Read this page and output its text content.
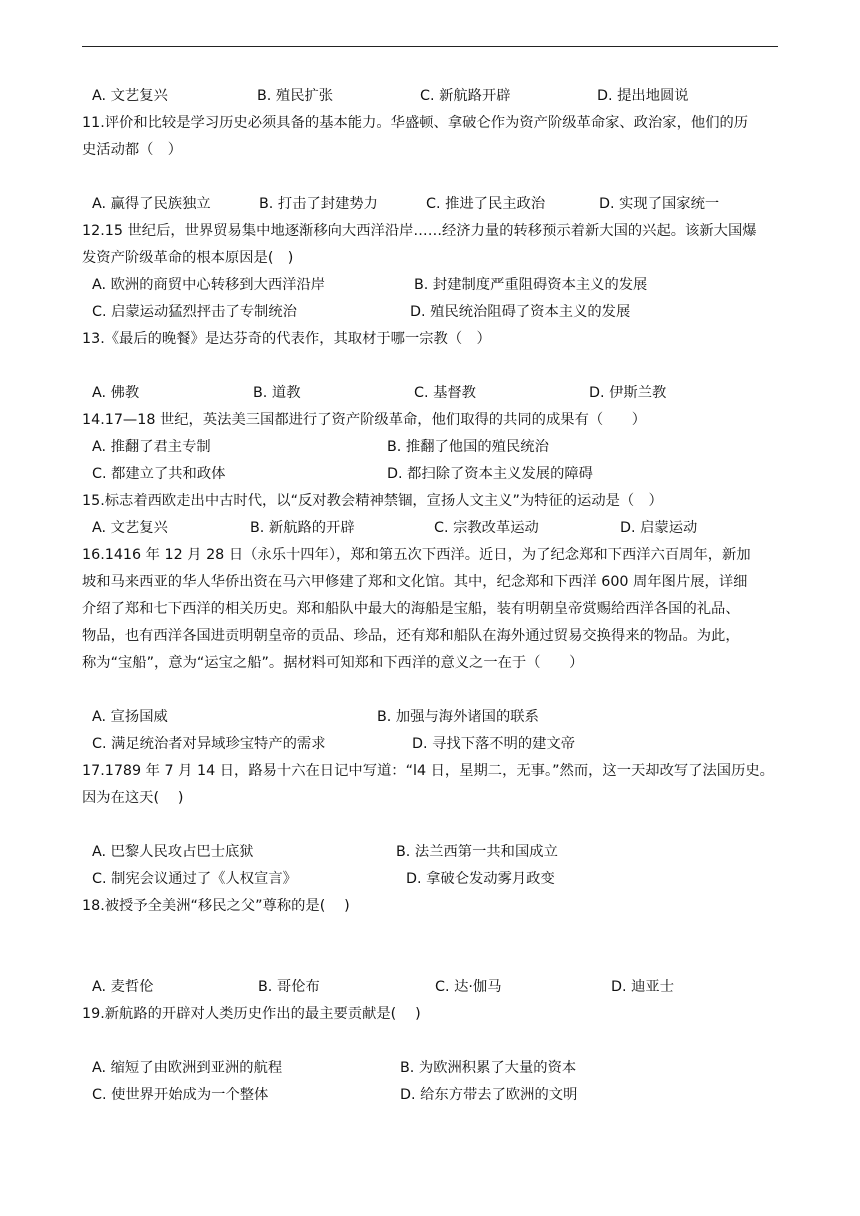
A. 文艺复兴	B. 殖民扩张	C. 新航路开辟	D. 提出地圆说
11.评价和比较是学习历史必须具备的基本能力。华盛顿、拿破仑作为资产阶级革命家、政治家，他们的历
史活动都（　）
A. 赢得了民族独立	B. 打击了封建势力	C. 推进了民主政治	D. 实现了国家统一
12.15 世纪后，世界贸易集中地逐渐移向大西洋沿岸……经济力量的转移预示着新大国的兴起。该新大国爆
发资产阶级革命的根本原因是(　)
A. 欧洲的商贸中心转移到大西洋沿岸	B. 封建制度严重阻碍资本主义的发展
C. 启蒙运动猛烈抨击了专制统治	D. 殖民统治阻碍了资本主义的发展
13.《最后的晚餐》是达芬奇的代表作，其取材于哪一宗教（　）
A. 佛教	B. 道教	C. 基督教	D. 伊斯兰教
14.17—18 世纪，英法美三国都进行了资产阶级革命，他们取得的共同的成果有（　　）
A. 推翻了君主专制	B. 推翻了他国的殖民统治
C. 都建立了共和政体	D. 都扫除了资本主义发展的障碍
15.标志着西欧走出中古时代，以“反对教会精神禁锢，宣扬人文主义”为特征的运动是（　）
A. 文艺复兴	B. 新航路的开辟	C. 宗教改革运动	D. 启蒙运动
16.1416 年 12 月 28 日（永乐十四年），郑和第五次下西洋。近日，为了纪念郑和下西洋六百周年，新加
坡和马来西亚的华人华侨出资在马六甲修建了郑和文化馆。其中，纪念郑和下西洋 600 周年图片展，详细
介绍了郑和七下西洋的相关历史。郑和船队中最大的海船是宝船，装有明朝皇帝赏赐给西洋各国的礼品、
物品，也有西洋各国进贡明朝皇帝的贡品、珍品，还有郑和船队在海外通过贸易交换得来的物品。为此，
称为“宝船”，意为“运宝之船”。据材料可知郑和下西洋的意义之一在于（　　）
A. 宣扬国威	B. 加强与海外诸国的联系
C. 满足统治者对异域珍宝特产的需求	D. 寻找下落不明的建文帝
17.1789 年 7 月 14 日，路易十六在日记中写道：“l4 日，星期二，无事。”然而，这一天却改写了法国历史。
因为在这天(　 )
A. 巴黎人民攻占巴士底狱	B. 法兰西第一共和国成立
C. 制宪会议通过了《人权宣言》	D. 拿破仑发动雾月政变
18.被授予全美洲“移民之父”尊称的是(　 )
A. 麦哲伦	B. 哥伦布	C. 达·伽马	D. 迪亚士
19.新航路的开辟对人类历史作出的最主要贡献是(　 )
A. 缩短了由欧洲到亚洲的航程	B. 为欧洲积累了大量的资本
C. 使世界开始成为一个整体	D. 给东方带去了欧洲的文明
